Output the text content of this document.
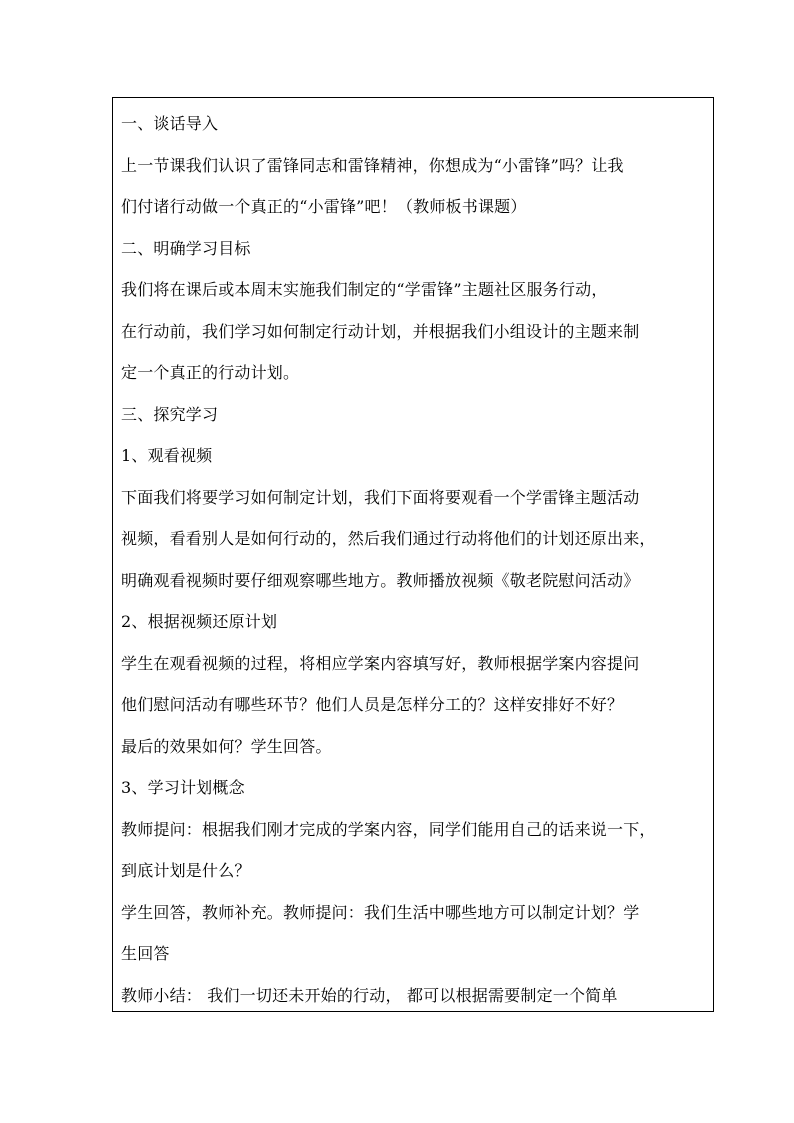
一、谈话导入
上一节课我们认识了雷锋同志和雷锋精神，你想成为“小雷锋”吗？让我
们付诸行动做一个真正的“小雷锋”吧！（教师板书课题）
二、明确学习目标
我们将在课后或本周末实施我们制定的“学雷锋”主题社区服务行动，
在行动前，我们学习如何制定行动计划，并根据我们小组设计的主题来制
定一个真正的行动计划。
三、探究学习
1、观看视频
下面我们将要学习如何制定计划，我们下面将要观看一个学雷锋主题活动
视频，看看别人是如何行动的，然后我们通过行动将他们的计划还原出来，
明确观看视频时要仔细观察哪些地方。教师播放视频《敬老院慰问活动》
2、根据视频还原计划
学生在观看视频的过程，将相应学案内容填写好，教师根据学案内容提问
他们慰问活动有哪些环节？他们人员是怎样分工的？这样安排好不好？
最后的效果如何？学生回答。
3、学习计划概念
教师提问：根据我们刚才完成的学案内容，同学们能用自己的话来说一下，
到底计划是什么？
学生回答，教师补充。教师提问：我们生活中哪些地方可以制定计划？学
生回答
教师小结： 我们一切还未开始的行动， 都可以根据需要制定一个简单
